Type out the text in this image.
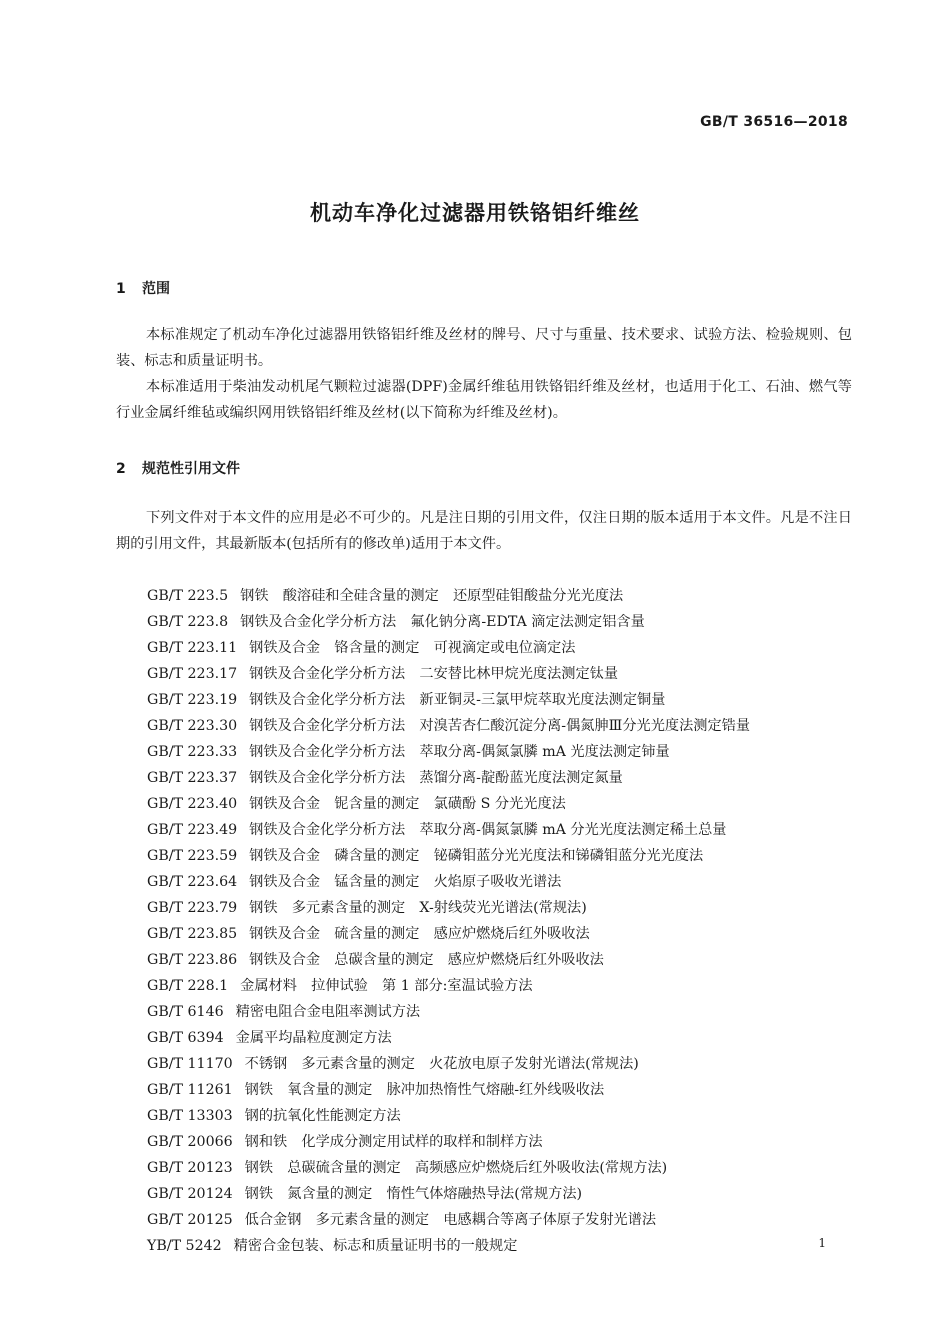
GB/T 36516—2018
机动车净化过滤器用铁铬铝纤维丝
1 范围

本标准规定了机动车净化过滤器用铁铬铝纤维及丝材的牌号、尺寸与重量、技术要求、试验方法、检验规则、包装、标志和质量证明书。

本标准适用于柴油发动机尾气颗粒过滤器(DPF)金属纤维毡用铁铬铝纤维及丝材，也适用于化工、石油、燃气等行业金属纤维毡或编织网用铁铬铝纤维及丝材(以下简称为纤维及丝材)。

2 规范性引用文件

下列文件对于本文件的应用是必不可少的。凡是注日期的引用文件，仅注日期的版本适用于本文件。凡是不注日期的引用文件，其最新版本(包括所有的修改单)适用于本文件。

GB/T 223.5 钢铁　酸溶硅和全硅含量的测定　还原型硅钼酸盐分光光度法
GB/T 223.8 钢铁及合金化学分析方法　氟化钠分离-EDTA 滴定法测定铝含量
GB/T 223.11 钢铁及合金　铬含量的测定　可视滴定或电位滴定法
GB/T 223.17 钢铁及合金化学分析方法　二安替比林甲烷光度法测定钛量
GB/T 223.19 钢铁及合金化学分析方法　新亚铜灵-三氯甲烷萃取光度法测定铜量
GB/T 223.30 钢铁及合金化学分析方法　对溴苦杏仁酸沉淀分离-偶氮胂Ⅲ分光光度法测定锆量
GB/T 223.33 钢铁及合金化学分析方法　萃取分离-偶氮氯膦 mA 光度法测定铈量
GB/T 223.37 钢铁及合金化学分析方法　蒸馏分离-靛酚蓝光度法测定氮量
GB/T 223.40 钢铁及合金　铌含量的测定　氯磺酚 S 分光光度法
GB/T 223.49 钢铁及合金化学分析方法　萃取分离-偶氮氯膦 mA 分光光度法测定稀土总量
GB/T 223.59 钢铁及合金　磷含量的测定　铋磷钼蓝分光光度法和锑磷钼蓝分光光度法
GB/T 223.64 钢铁及合金　锰含量的测定　火焰原子吸收光谱法
GB/T 223.79 钢铁　多元素含量的测定　X-射线荧光光谱法(常规法)
GB/T 223.85 钢铁及合金　硫含量的测定　感应炉燃烧后红外吸收法
GB/T 223.86 钢铁及合金　总碳含量的测定　感应炉燃烧后红外吸收法
GB/T 228.1 金属材料　拉伸试验　第 1 部分:室温试验方法
GB/T 6146 精密电阻合金电阻率测试方法
GB/T 6394 金属平均晶粒度测定方法
GB/T 11170 不锈钢　多元素含量的测定　火花放电原子发射光谱法(常规法)
GB/T 11261 钢铁　氧含量的测定　脉冲加热惰性气熔融-红外线吸收法
GB/T 13303 钢的抗氧化性能测定方法
GB/T 20066 钢和铁　化学成分测定用试样的取样和制样方法
GB/T 20123 钢铁　总碳硫含量的测定　高频感应炉燃烧后红外吸收法(常规方法)
GB/T 20124 钢铁　氮含量的测定　惰性气体熔融热导法(常规方法)
GB/T 20125 低合金钢　多元素含量的测定　电感耦合等离子体原子发射光谱法
YB/T 5242 精密合金包装、标志和质量证明书的一般规定	1
